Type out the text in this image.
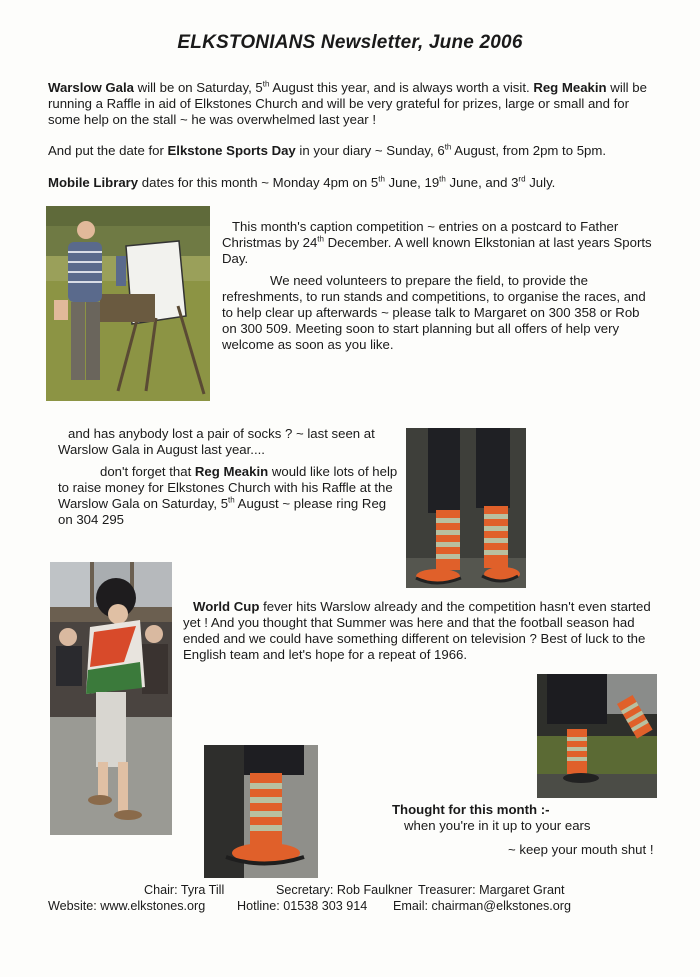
ELKSTONIANS Newsletter, June 2006
Warslow Gala will be on Saturday, 5th August this year, and is always worth a visit. Reg Meakin will be running a Raffle in aid of Elkstones Church and will be very grateful for prizes, large or small and for some help on the stall ~ he was overwhelmed last year !
And put the date for Elkstone Sports Day in your diary ~ Sunday, 6th August, from 2pm to 5pm.
Mobile Library dates for this month ~ Monday 4pm on 5th June, 19th June, and 3rd July.
This month's caption competition ~ entries on a postcard to Father Christmas by 24th December. A well known Elkstonian at last years Sports Day.
We need volunteers to prepare the field, to provide the refreshments, to run stands and competitions, to organise the races, and to help clear up afterwards ~ please talk to Margaret on 300 358 or Rob on 300 509. Meeting soon to start planning but all offers of help very welcome as soon as you like.
and has anybody lost a pair of socks ? ~ last seen at Warslow Gala in August last year....
don't forget that Reg Meakin would like lots of help to raise money for Elkstones Church with his Raffle at the Warslow Gala on Saturday, 5th August ~ please ring Reg on 304 295
World Cup fever hits Warslow already and the competition hasn't even started yet ! And you thought that Summer was here and that the football season had ended and we could have something different on television ? Best of luck to the English team and let's hope for a repeat of 1966.
Thought for this month :-
when you're in it up to your ears
~ keep your mouth shut !
Chair: Tyra Till	Secretary: Rob Faulkner Treasurer: Margaret Grant
Website: www.elkstones.org	Hotline: 01538 303 914 Email: chairman@elkstones.org
